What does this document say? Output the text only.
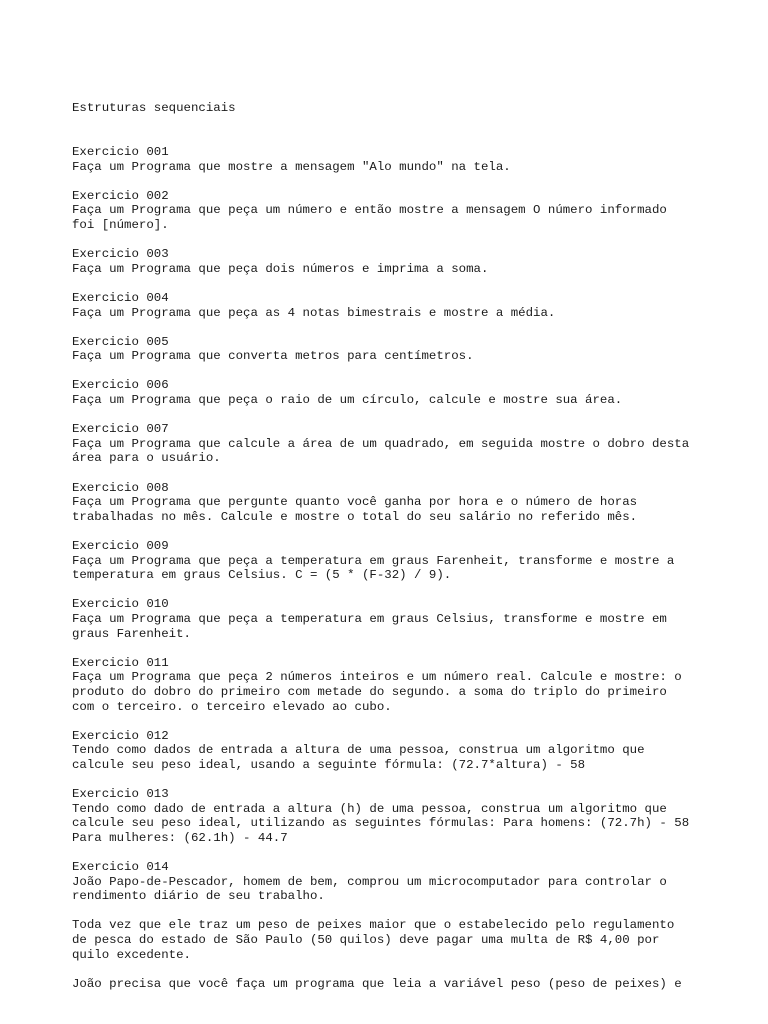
Estruturas sequenciais

Exercicio 001
Faça um Programa que mostre a mensagem "Alo mundo" na tela.
Exercicio 002
Faça um Programa que peça um número e então mostre a mensagem O número informado
foi [número].
Exercicio 003
Faça um Programa que peça dois números e imprima a soma.
Exercicio 004
Faça um Programa que peça as 4 notas bimestrais e mostre a média.
Exercicio 005
Faça um Programa que converta metros para centímetros.
Exercicio 006
Faça um Programa que peça o raio de um círculo, calcule e mostre sua área.
Exercicio 007
Faça um Programa que calcule a área de um quadrado, em seguida mostre o dobro desta
área para o usuário.
Exercicio 008
Faça um Programa que pergunte quanto você ganha por hora e o número de horas
trabalhadas no mês. Calcule e mostre o total do seu salário no referido mês.
Exercicio 009
Faça um Programa que peça a temperatura em graus Farenheit, transforme e mostre a
temperatura em graus Celsius. C = (5 * (F-32) / 9).
Exercicio 010
Faça um Programa que peça a temperatura em graus Celsius, transforme e mostre em
graus Farenheit.
Exercicio 011
Faça um Programa que peça 2 números inteiros e um número real. Calcule e mostre: o
produto do dobro do primeiro com metade do segundo. a soma do triplo do primeiro
com o terceiro. o terceiro elevado ao cubo.
Exercicio 012
Tendo como dados de entrada a altura de uma pessoa, construa um algoritmo que
calcule seu peso ideal, usando a seguinte fórmula: (72.7*altura) - 58
Exercicio 013
Tendo como dado de entrada a altura (h) de uma pessoa, construa um algoritmo que
calcule seu peso ideal, utilizando as seguintes fórmulas: Para homens: (72.7h) - 58
Para mulheres: (62.1h) - 44.7
Exercicio 014
João Papo-de-Pescador, homem de bem, comprou um microcomputador para controlar o
rendimento diário de seu trabalho.
Toda vez que ele traz um peso de peixes maior que o estabelecido pelo regulamento
de pesca do estado de São Paulo (50 quilos) deve pagar uma multa de R$ 4,00 por
quilo excedente.
João precisa que você faça um programa que leia a variável peso (peso de peixes) e
